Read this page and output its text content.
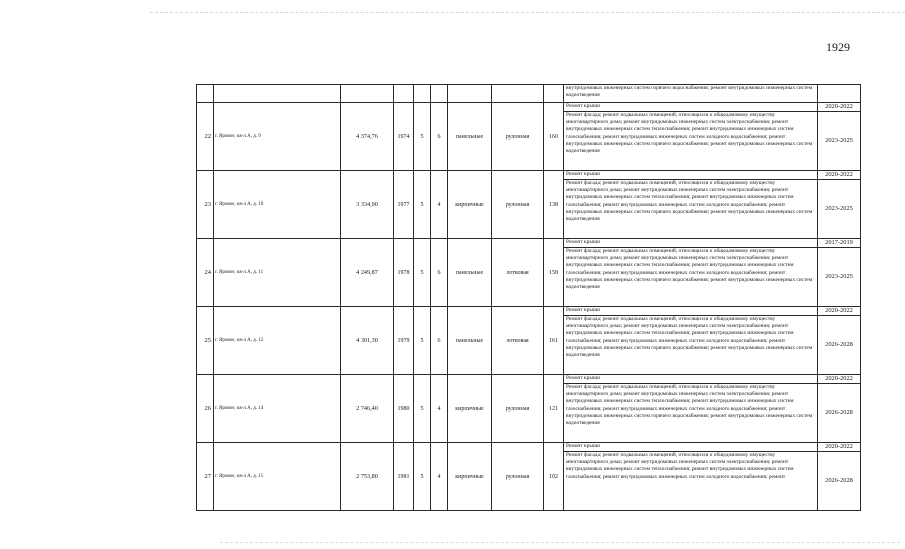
1929
									внутридомовых инженерных систем горячего водоснабжения; ремонт внутридомовых инженерных систем водоотведения	
22	г. Яровое, кв-л А, д. 9	4 374,76	1974	5	6	панельные	рулонная	160	Ремонт крыши	2020-2022
									Ремонт фасада; ремонт подвальных помещений, относящихся к общедомовому имуществу многоквартирного дома; ремонт внутридомовых инженерных систем электроснабжения; ремонт внутридомовых инженерных систем теплоснабжения; ремонт внутридомовых инженерных систем газоснабжения; ремонт внутридомовых инженерных систем холодного водоснабжения; ремонт внутридомовых инженерных систем горячего водоснабжения; ремонт внутридомовых инженерных систем водоотведения	2023-2025
23	г. Яровое, кв-л А, д. 10	3 334,90	1977	5	4	кирпичные	рулонная	138	Ремонт крыши	2020-2022
									Ремонт фасада; ремонт подвальных помещений, относящихся к общедомовому имуществу многоквартирного дома; ремонт внутридомовых инженерных систем электроснабжения; ремонт внутридомовых инженерных систем теплоснабжения; ремонт внутридомовых инженерных систем газоснабжения; ремонт внутридомовых инженерных систем холодного водоснабжения; ремонт внутридомовых инженерных систем горячего водоснабжения; ремонт внутридомовых инженерных систем водоотведения	2023-2025
24	г. Яровое, кв-л А, д. 11	4 249,87	1978	5	6	панельные	лотковая	158	Ремонт крыши	2017-2019
									Ремонт фасада; ремонт подвальных помещений, относящихся к общедомовому имуществу многоквартирного дома; ремонт внутридомовых инженерных систем электроснабжения; ремонт внутридомовых инженерных систем теплоснабжения; ремонт внутридомовых инженерных систем газоснабжения; ремонт внутридомовых инженерных систем холодного водоснабжения; ремонт внутридомовых инженерных систем горячего водоснабжения; ремонт внутридомовых инженерных систем водоотведения	2023-2025
25	г. Яровое, кв-л А, д. 12	4 301,30	1979	5	6	панельные	лотковая	161	Ремонт крыши	2020-2022
									Ремонт фасада; ремонт подвальных помещений, относящихся к общедомовому имуществу многоквартирного дома; ремонт внутридомовых инженерных систем электроснабжения; ремонт внутридомовых инженерных систем теплоснабжения; ремонт внутридомовых инженерных систем газоснабжения; ремонт внутридомовых инженерных систем холодного водоснабжения; ремонт внутридомовых инженерных систем горячего водоснабжения; ремонт внутридомовых инженерных систем водоотведения	2026-2028
26	г. Яровое, кв-л А, д. 14	2 746,40	1980	5	4	кирпичные	рулонная	121	Ремонт крыши	2020-2022
									Ремонт фасада; ремонт подвальных помещений, относящихся к общедомовому имуществу многоквартирного дома; ремонт внутридомовых инженерных систем электроснабжения; ремонт внутридомовых инженерных систем теплоснабжения; ремонт внутридомовых инженерных систем газоснабжения; ремонт внутридомовых инженерных систем холодного водоснабжения; ремонт внутридомовых инженерных систем горячего водоснабжения; ремонт внутридомовых инженерных систем водоотведения	2026-2028
27	г. Яровое, кв-л А, д. 15	2 753,80	1981	5	4	кирпичные	рулонная	102	Ремонт крыши	2020-2022
									Ремонт фасада; ремонт подвальных помещений, относящихся к общедомовому имуществу многоквартирного дома; ремонт внутридомовых инженерных систем электроснабжения; ремонт внутридомовых инженерных систем теплоснабжения; ремонт внутридомовых инженерных систем газоснабжения; ремонт внутридомовых инженерных систем холодного водоснабжения; ремонт	2026-2028
